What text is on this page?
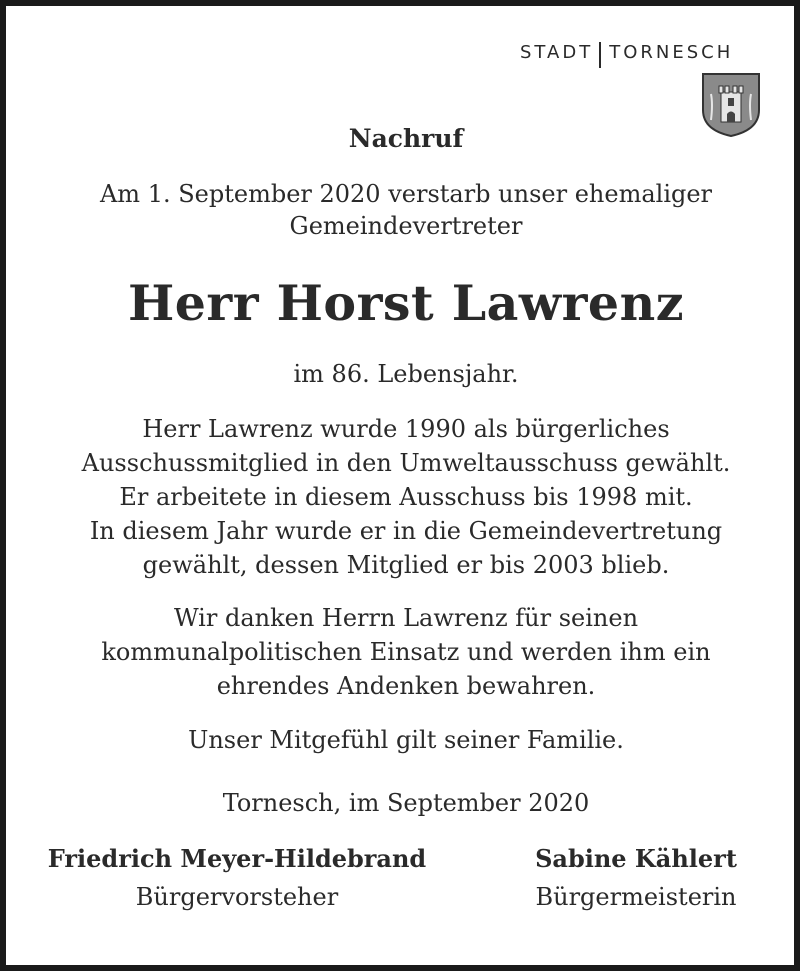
STADT TORNESCH
Nachruf
Am 1. September 2020 verstarb unser ehemaliger
Gemeindevertreter
Herr Horst Lawrenz
im 86. Lebensjahr.
Herr Lawrenz wurde 1990 als bürgerliches
Ausschussmitglied in den Umweltausschuss gewählt.
Er arbeitete in diesem Ausschuss bis 1998 mit.
In diesem Jahr wurde er in die Gemeindevertretung
gewählt, dessen Mitglied er bis 2003 blieb.
Wir danken Herrn Lawrenz für seinen
kommunalpolitischen Einsatz und werden ihm ein
ehrendes Andenken bewahren.
Unser Mitgefühl gilt seiner Familie.
Tornesch, im September 2020
Friedrich Meyer-Hildebrand
Bürgervorsteher
Sabine Kählert
Bürgermeisterin
